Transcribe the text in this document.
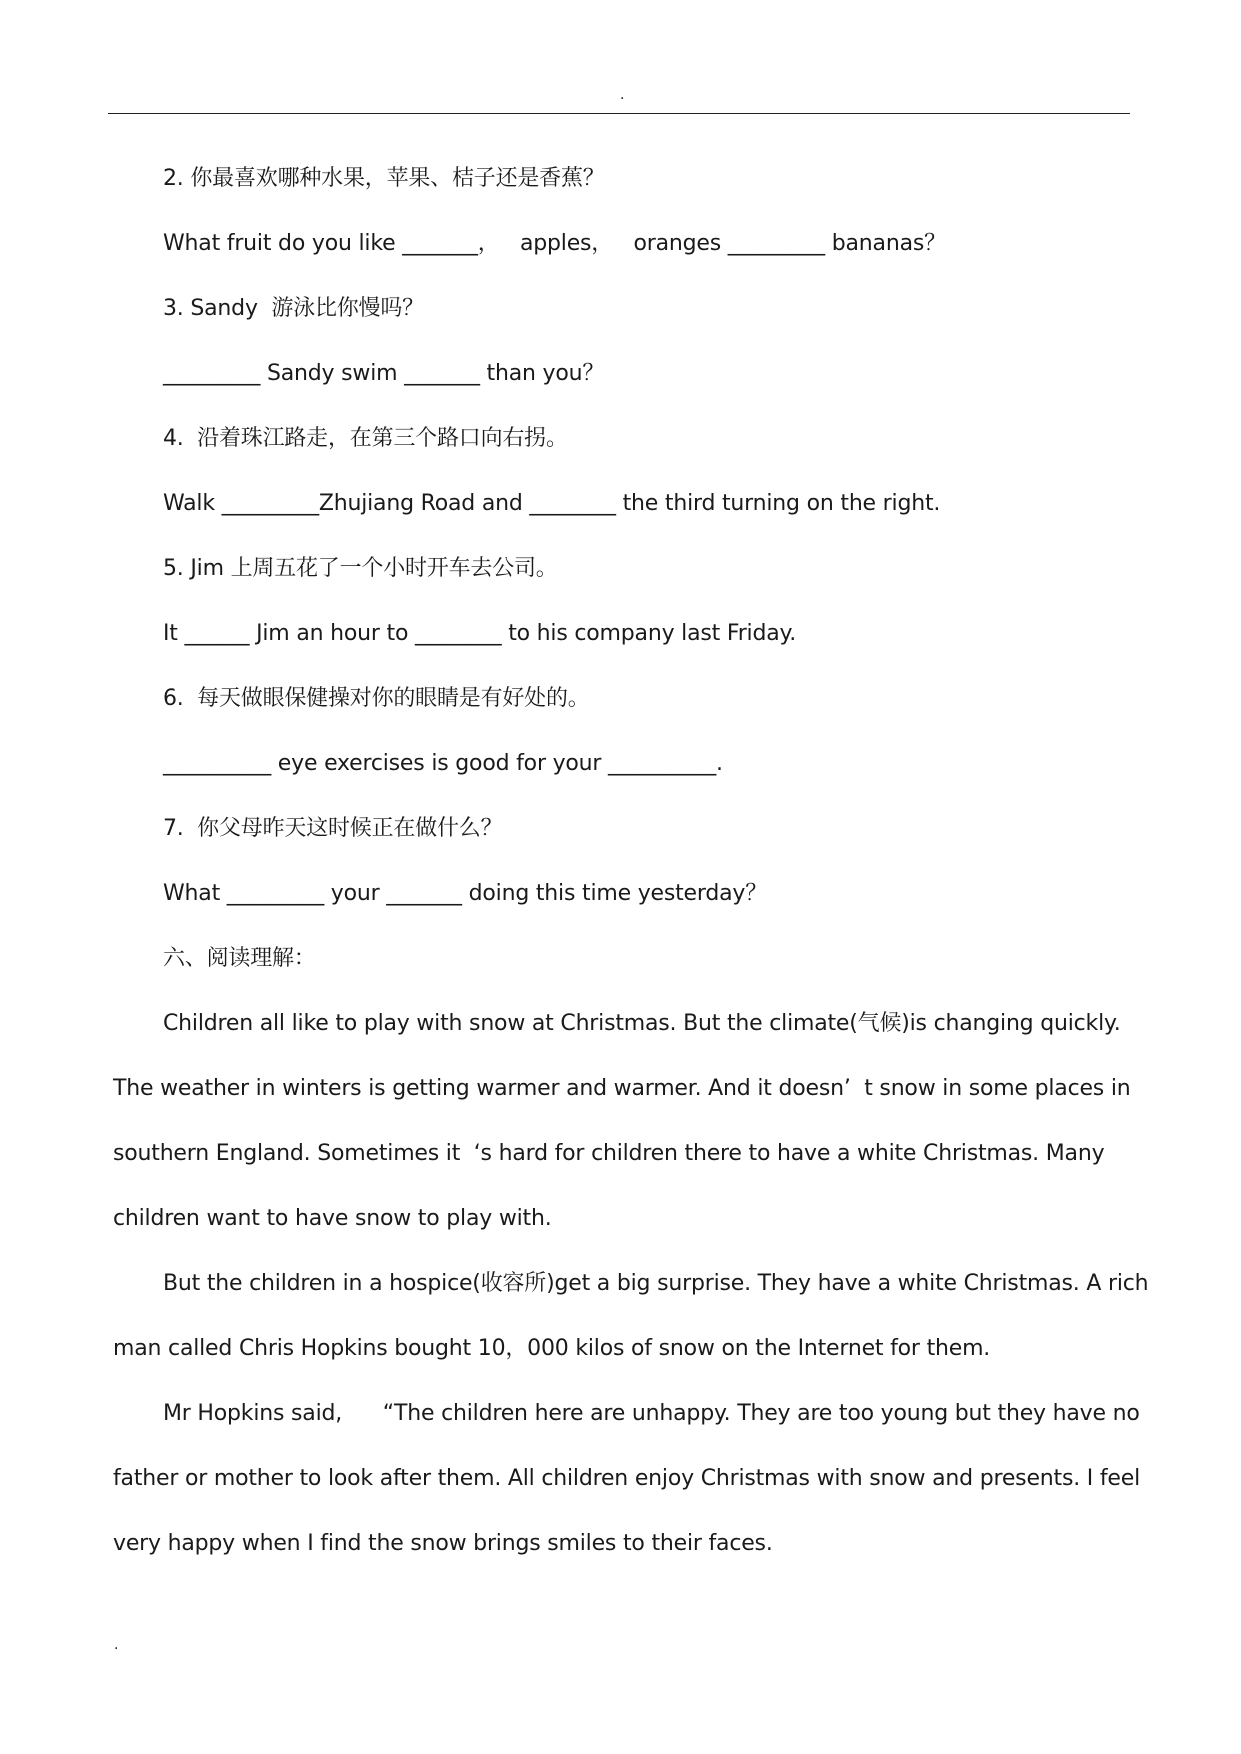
.
2. 你最喜欢哪种水果，苹果、桔子还是香蕉？
What fruit do you like _______，   apples，   oranges _________ bananas？
3. Sandy  游泳比你慢吗？
_________ Sandy swim _______ than you？
4.  沿着珠江路走，在第三个路口向右拐。
Walk _________Zhujiang Road and ________ the third turning on the right.
5. Jim 上周五花了一个小时开车去公司。
It ______ Jim an hour to ________ to his company last Friday.
6.  每天做眼保健操对你的眼睛是有好处的。
__________ eye exercises is good for your __________.
7.  你父母昨天这时候正在做什么？
What _________ your _______ doing this time yesterday？
六、阅读理解：
Children all like to play with snow at Christmas. But the climate(气候)is changing quickly.
The weather in winters is getting warmer and warmer. And it doesn’  t snow in some places in
southern England. Sometimes it  ‘s hard for children there to have a white Christmas. Many
children want to have snow to play with.
But the children in a hospice(收容所)get a big surprise. They have a white Christmas. A rich
man called Chris Hopkins bought 10，000 kilos of snow on the Internet for them.
Mr Hopkins said,      “The children here are unhappy. They are too young but they have no
father or mother to look after them. All children enjoy Christmas with snow and presents. I feel
very happy when I find the snow brings smiles to their faces.
.
